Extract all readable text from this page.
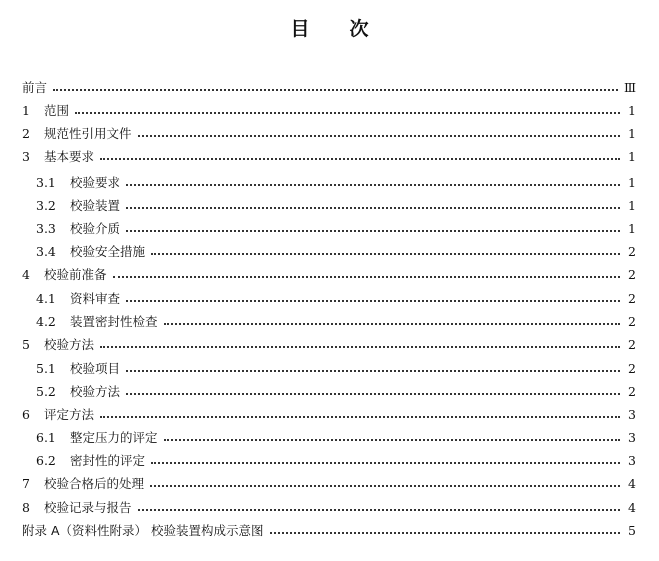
目 次
前言	Ⅲ
1	范围	1
2	规范性引用文件	1
3	基本要求	1
3.1	校验要求	1
3.2	校验装置	1
3.3	校验介质	1
3.4	校验安全措施	2
4	校验前准备	2
4.1	资料审查	2
4.2	装置密封性检查	2
5	校验方法	2
5.1	校验项目	2
5.2	校验方法	2
6	评定方法	3
6.1	整定压力的评定	3
6.2	密封性的评定	3
7	校验合格后的处理	4
8	校验记录与报告	4
附录 A（资料性附录） 校验装置构成示意图	5
